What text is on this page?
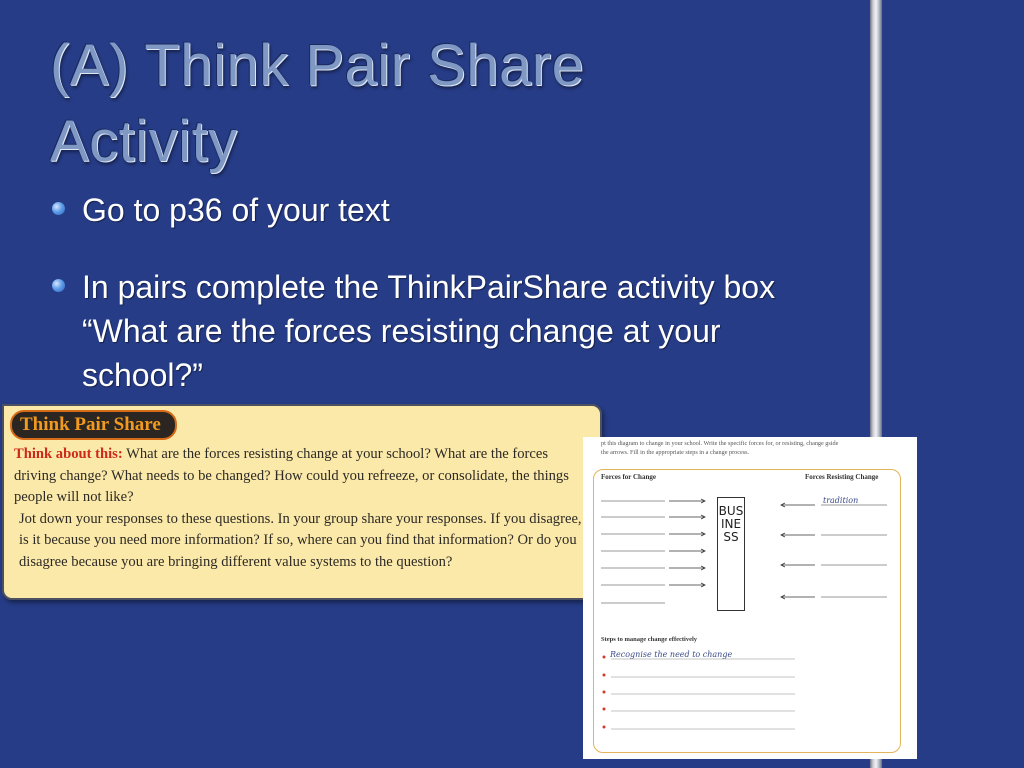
(A) Think Pair Share
Activity
Go to p36 of your text
In pairs complete the ThinkPairShare activity box “What are the forces resisting change at your school?”
Think Pair Share
Think about this: What are the forces resisting change at your school? What are the forces driving change? What needs to be changed? How could you refreeze, or consolidate, the things people will not like?
Jot down your responses to these questions. In your group share your responses. If you disagree, is it because you need more information? If so, where can you find that information? Or do you disagree because you are bringing different value systems to the question?
pt this diagram to change in your school. Write the specific forces for, or resisting, change gside the arrows. Fill in the appropriate steps in a change process.
Forces for Change	Forces Resisting Change
tradition
BUSINESS
Steps to manage change effectively
Recognise the need to change
